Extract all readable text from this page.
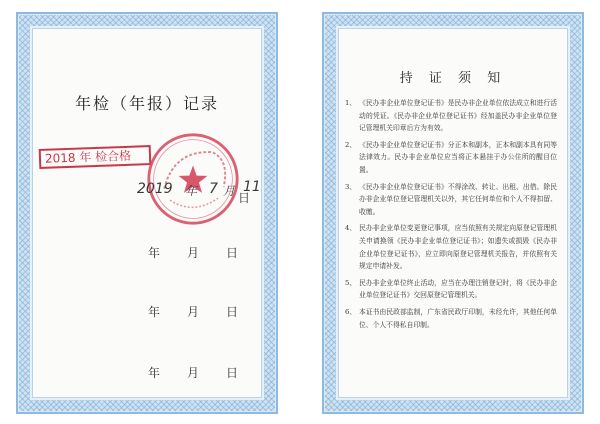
年检（年报）记录
2018 年 检合格
2019 年 7 月 11
日
年 月 日
年 月 日
年 月 日
持 证 须 知
1、 《民办非企业单位登记证书》是民办非企业单位依法成立和进行活动的凭证。《民办非企业单位登记证书》经加盖民办非企业单位登记管理机关印章后方为有效。
2、 《民办非企业单位登记证书》分正本和副本，正本和副本具有同等法律效力。民办非企业单位应当将正本悬挂于办公住所的醒目位置。
3、 《民办非企业单位登记证书》不得涂改、转让、出租、出借。除民办非企业单位登记管理机关以外，其它任何单位和个人不得扣留、收缴。
4、 民办非企业单位变更登记事项，应当依照有关规定向原登记管理机关申请换领《民办非企业单位登记证书》；如遗失或损毁《民办非企业单位登记证书》，应立即向原登记管理机关报告，并依照有关规定申请补发。
5、 民办非企业单位终止活动，应当在办理注销登记时，将《民办非企业单位登记证书》交回原登记管理机关。
6、 本证书由民政部监制，广东省民政厅印制，未经允许，其他任何单位、个人不得私自印制。
